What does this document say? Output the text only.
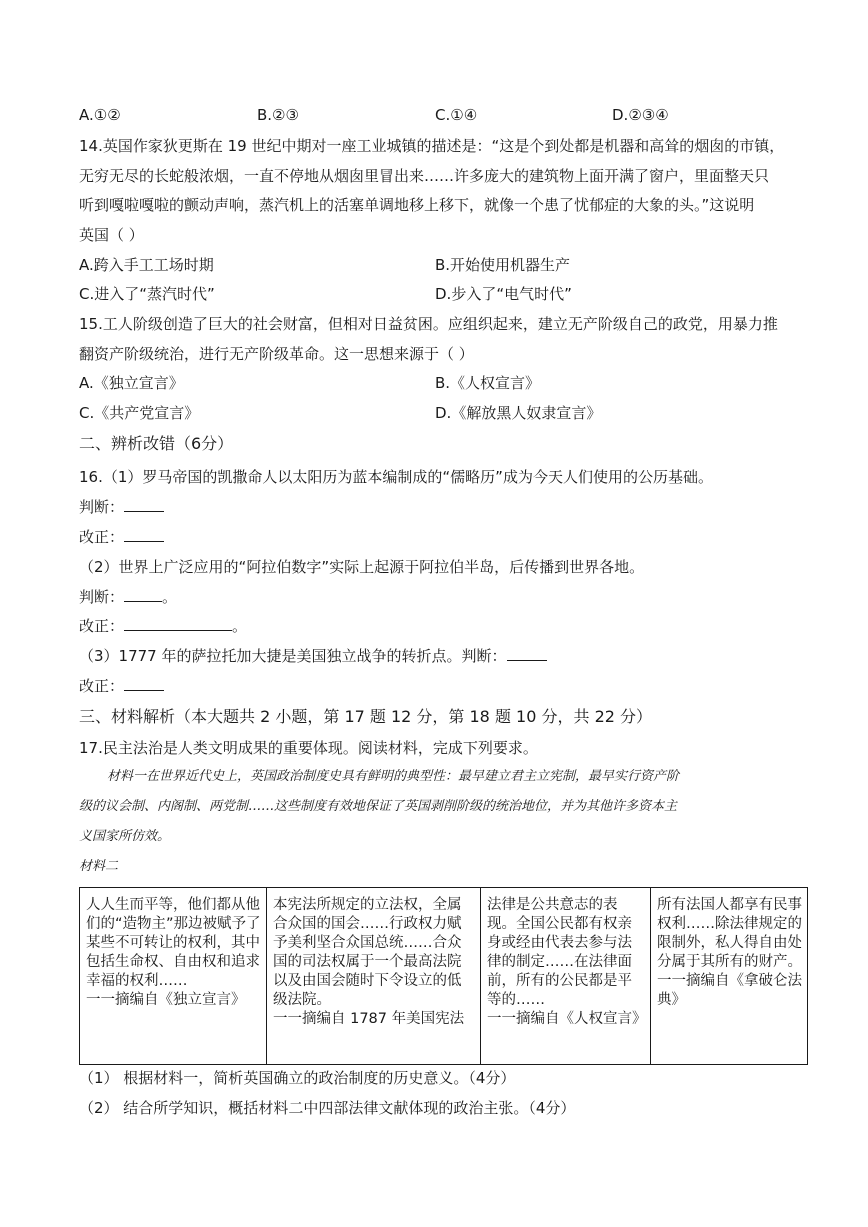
A.①②	B.②③	C.①④	D.②③④
14.英国作家狄更斯在 19 世纪中期对一座工业城镇的描述是：“这是个到处都是机器和高耸的烟囱的市镇，
无穷无尽的长蛇般浓烟，一直不停地从烟囱里冒出来……许多庞大的建筑物上面开满了窗户，里面整天只
听到嘎啦嘎啦的颤动声响，蒸汽机上的活塞单调地移上移下，就像一个患了忧郁症的大象的头。”这说明
英国（ ）
A.跨入手工工场时期	B.开始使用机器生产
C.进入了“蒸汽时代”	D.步入了“电气时代”
15.工人阶级创造了巨大的社会财富，但相对日益贫困。应组织起来，建立无产阶级自己的政党，用暴力推
翻资产阶级统治，进行无产阶级革命。这一思想来源于（ ）
A.《独立宣言》	B.《人权宣言》
C.《共产党宣言》	D.《解放黑人奴隶宣言》
二、辨析改错（6分）
16.（1）罗马帝国的凯撒命人以太阳历为蓝本编制成的“儒略历”成为今天人们使用的公历基础。
判断：
改正：
（2）世界上广泛应用的“阿拉伯数字”实际上起源于阿拉伯半岛，后传播到世界各地。
判断：	。
改正：	。
（3）1777 年的萨拉托加大捷是美国独立战争的转折点。判断：
改正：
三、材料解析（本大题共 2 小题，第 17 题 12 分，第 18 题 10 分，共 22 分）
17.民主法治是人类文明成果的重要体现。阅读材料，完成下列要求。
材料一在世界近代史上，英国政治制度史具有鲜明的典型性：最早建立君主立宪制，最早实行资产阶
级的议会制、内阁制、两党制……这些制度有效地保证了英国剥削阶级的统治地位，并为其他许多资本主
义国家所仿效。
材料二
人人生而平等，他们都从他们的“造物主”那边被赋予了某些不可转让的权利，其中包括生命权、自由权和追求幸福的权利……
一一摘编自《独立宣言》
	本宪法所规定的立法权，全属合众国的国会……行政权力赋予美利坚合众国总统……合众国的司法权属于一个最高法院以及由国会随时下令设立的低级法院。
一一摘编自 1787 年美国宪法
	法律是公共意志的表现。全国公民都有权亲身或经由代表去参与法律的制定……在法律面前，所有的公民都是平等的……
一一摘编自《人权宣言》
	所有法国人都享有民事权利……除法律规定的限制外，私人得自由处分属于其所有的财产。
一一摘编自《拿破仑法典》
（1） 根据材料一，简析英国确立的政治制度的历史意义。（4分）
（2） 结合所学知识，概括材料二中四部法律文献体现的政治主张。（4分）
